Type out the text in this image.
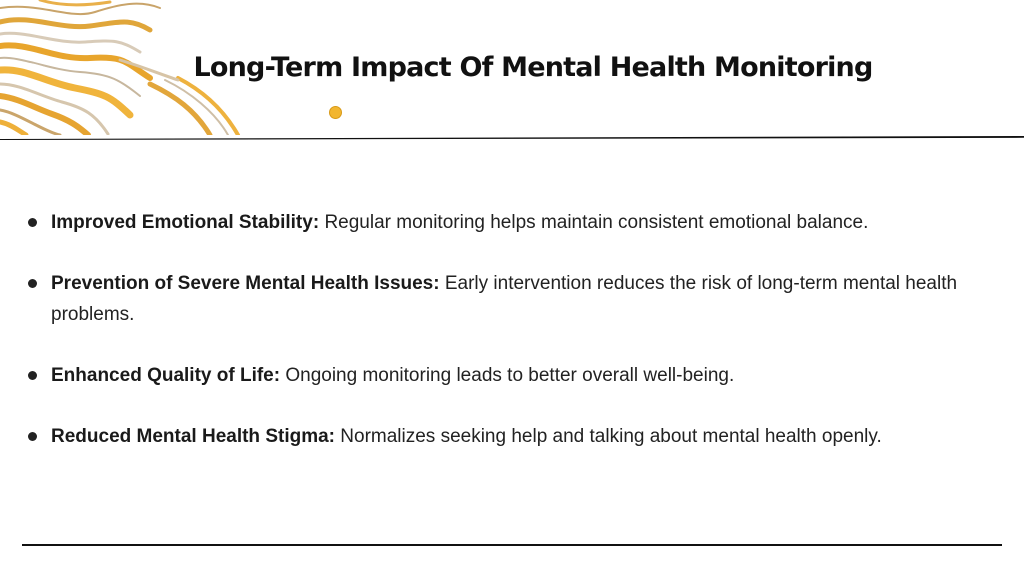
Long-Term Impact Of Mental Health Monitoring
Improved Emotional Stability: Regular monitoring helps maintain consistent emotional balance.
Prevention of Severe Mental Health Issues: Early intervention reduces the risk of long-term mental health problems.
Enhanced Quality of Life: Ongoing monitoring leads to better overall well-being.
Reduced Mental Health Stigma: Normalizes seeking help and talking about mental health openly.
